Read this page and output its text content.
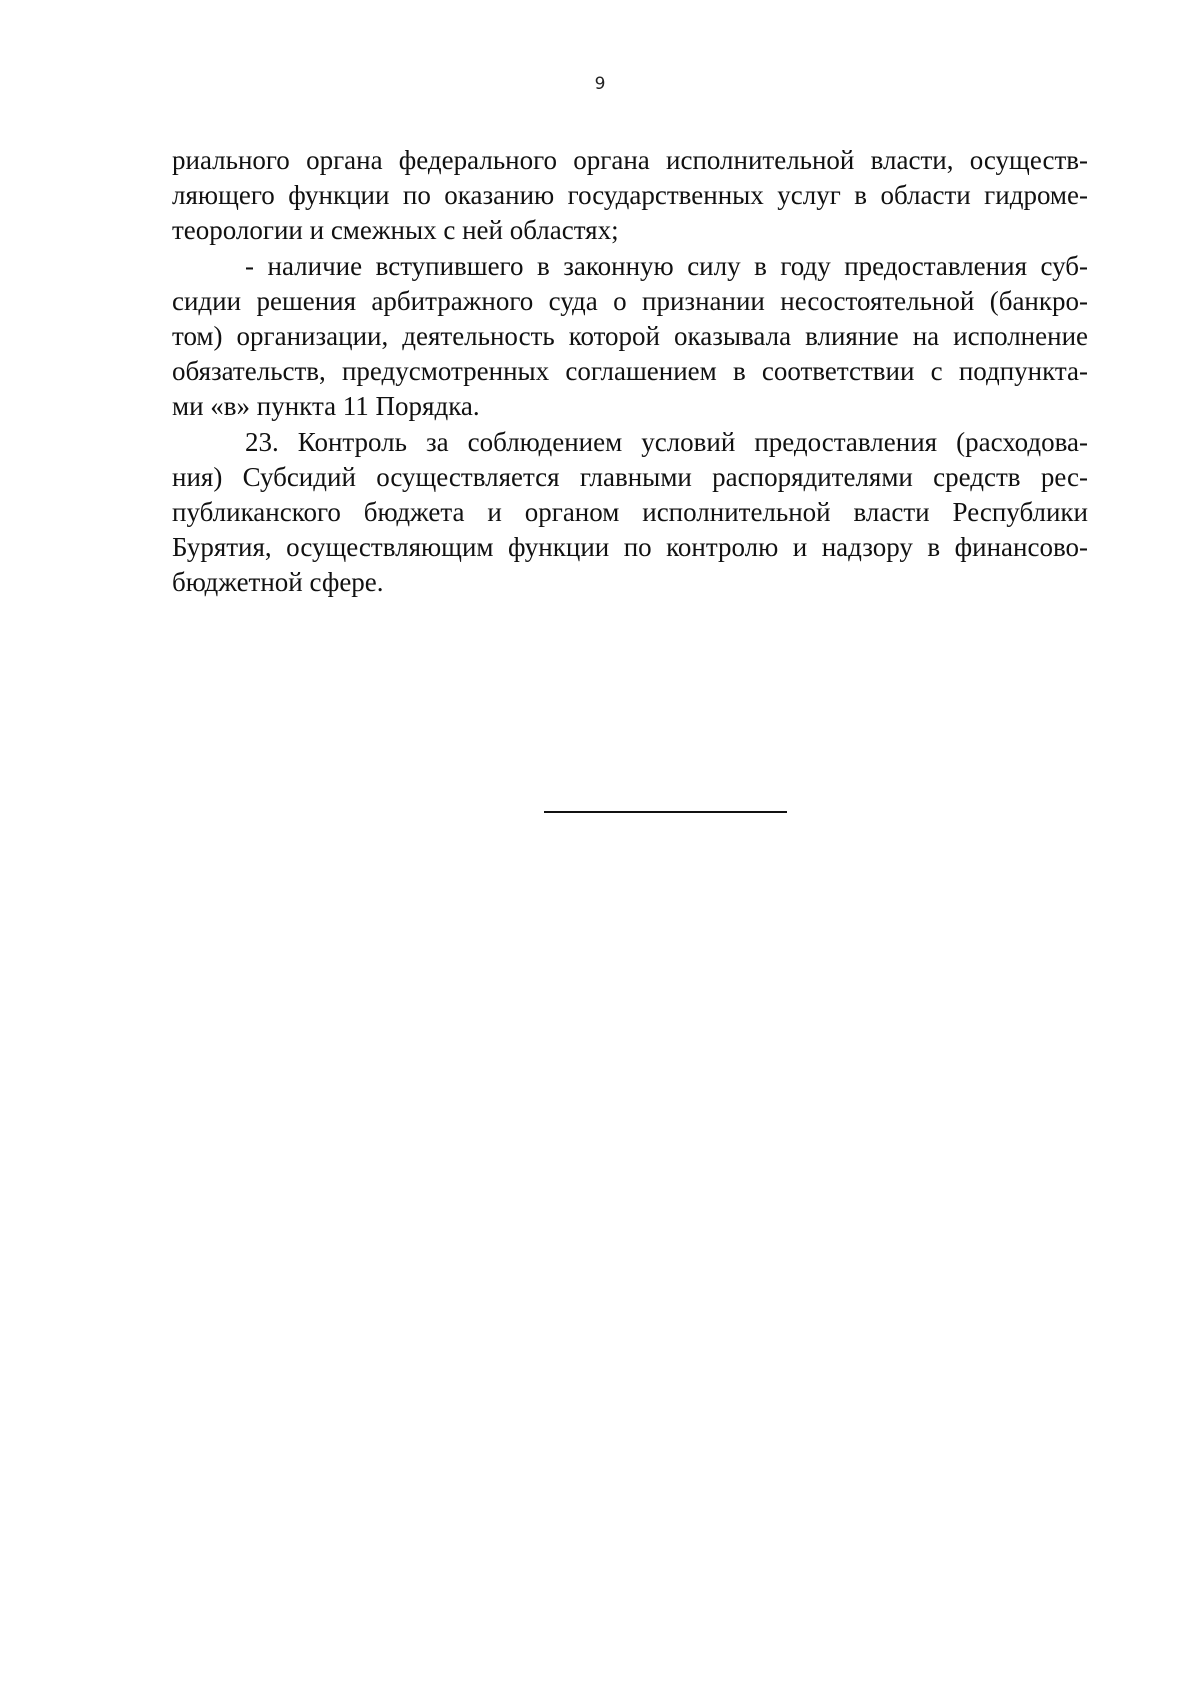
9
риального органа федерального органа исполнительной власти, осуществ-
ляющего функции по оказанию государственных услуг в области гидроме-
теорологии и смежных с ней областях;
- наличие вступившего в законную силу в году предоставления суб-
сидии решения арбитражного суда о признании несостоятельной (банкро-
том) организации, деятельность которой оказывала влияние на исполнение
обязательств, предусмотренных соглашением в соответствии с подпункта-
ми «в» пункта 11 Порядка.
23. Контроль за соблюдением условий предоставления (расходова-
ния) Субсидий осуществляется главными распорядителями средств рес-
публиканского бюджета и органом исполнительной власти Республики
Бурятия, осуществляющим функции по контролю и надзору в финансово-
бюджетной сфере.
